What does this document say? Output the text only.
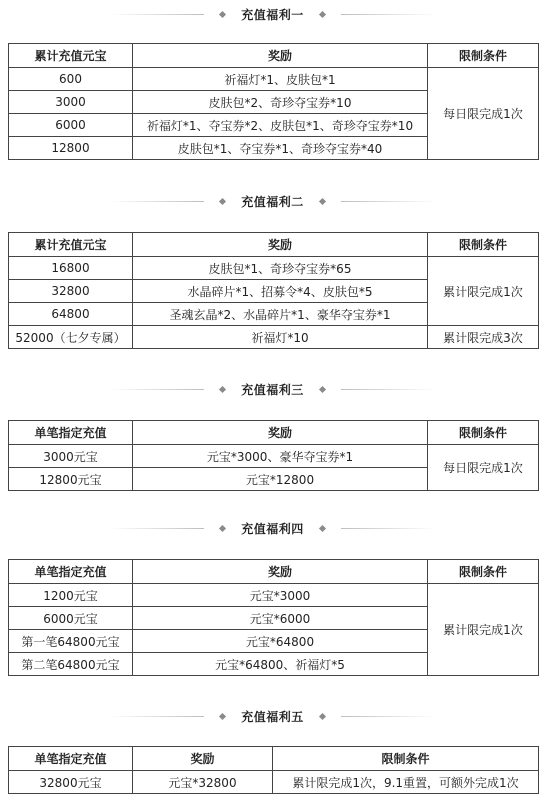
充值福利一
累计充值元宝	奖励	限制条件
600	祈福灯*1、皮肤包*1	每日限完成1次
3000	皮肤包*2、奇珍夺宝券*10	
6000	祈福灯*1、夺宝券*2、皮肤包*1、奇珍夺宝券*10	
12800	皮肤包*1、夺宝券*1、奇珍夺宝券*40	
充值福利二
累计充值元宝	奖励	限制条件
16800	皮肤包*1、奇珍夺宝券*65	累计限完成1次
32800	水晶碎片*1、招募令*4、皮肤包*5	
64800	圣魂玄晶*2、水晶碎片*1、豪华夺宝券*1	
52000（七夕专属）	祈福灯*10	累计限完成3次
充值福利三
单笔指定充值	奖励	限制条件
3000元宝	元宝*3000、豪华夺宝券*1	每日限完成1次
12800元宝	元宝*12800	
充值福利四
单笔指定充值	奖励	限制条件
1200元宝	元宝*3000	累计限完成1次
6000元宝	元宝*6000	
第一笔64800元宝	元宝*64800	
第二笔64800元宝	元宝*64800、祈福灯*5	
充值福利五
单笔指定充值	奖励	限制条件
32800元宝	元宝*32800	累计限完成1次，9.1重置，可额外完成1次
